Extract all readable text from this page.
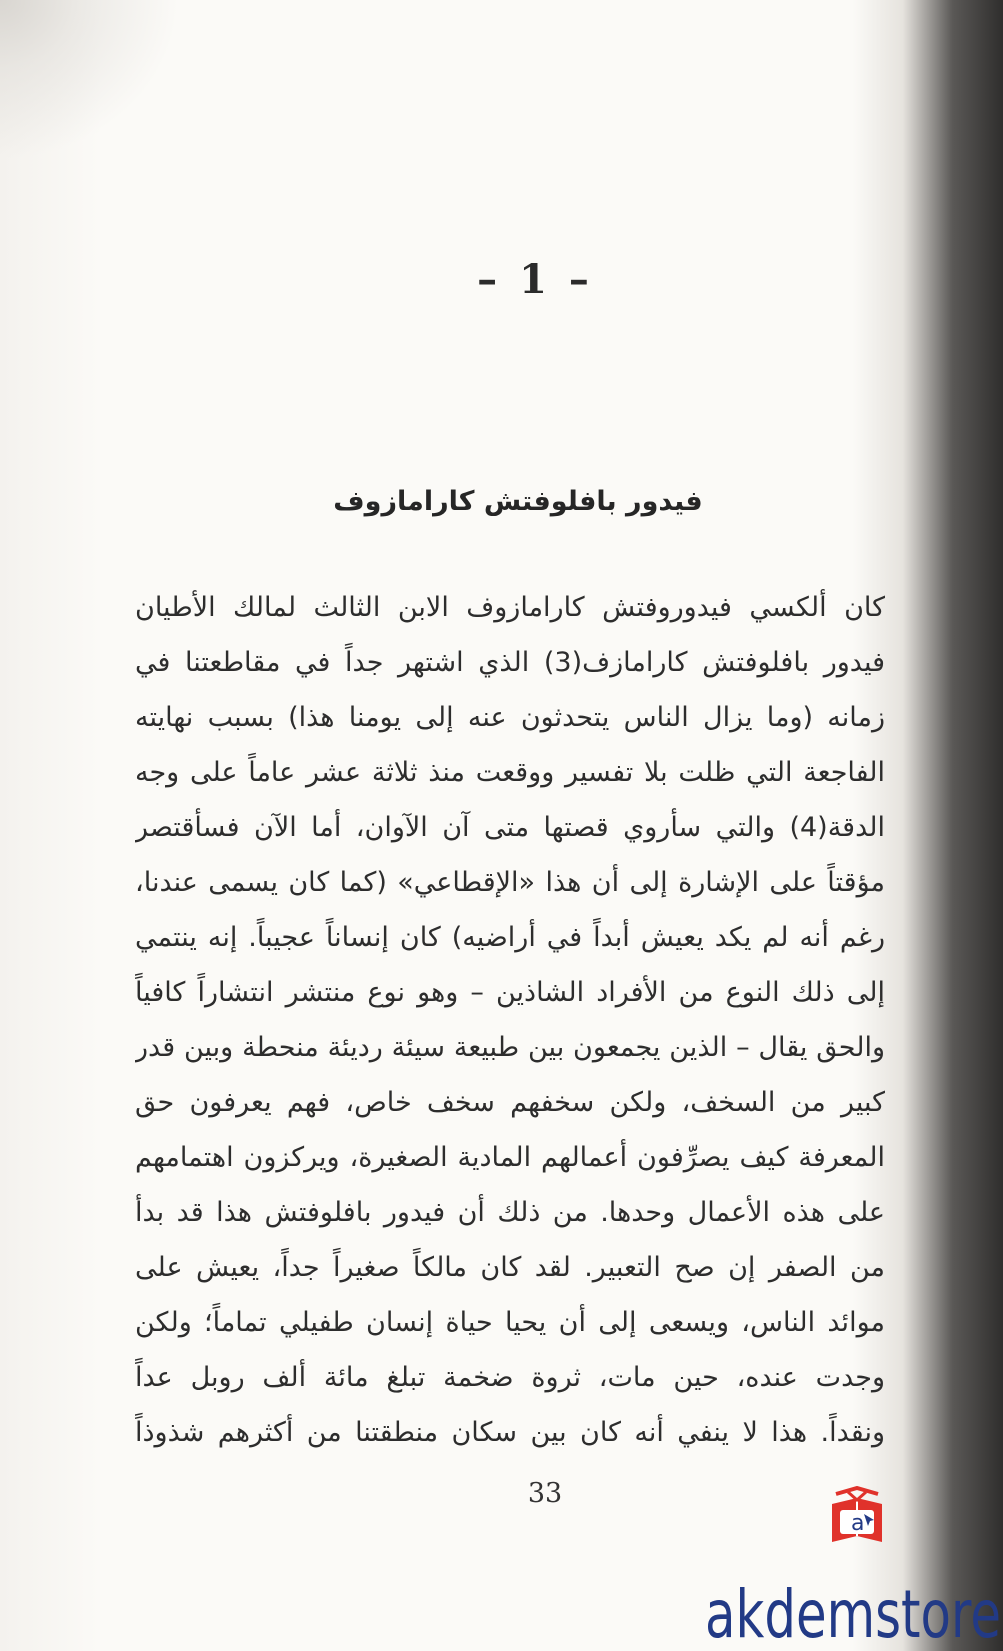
– 1 –
فيدور بافلوفتش كارامازوف
كان ألكسي فيدوروفتش كارامازوف الابن الثالث لمالك الأطيان
فيدور بافلوفتش كارامازف(3) الذي اشتهر جداً في مقاطعتنا في
زمانه (وما يزال الناس يتحدثون عنه إلى يومنا هذا) بسبب نهايته
الفاجعة التي ظلت بلا تفسير ووقعت منذ ثلاثة عشر عاماً على وجه
الدقة(4) والتي سأروي قصتها متى آن الآوان، أما الآن فسأقتصر
مؤقتاً على الإشارة إلى أن هذا «الإقطاعي» (كما كان يسمى عندنا،
رغم أنه لم يكد يعيش أبداً في أراضيه) كان إنساناً عجيباً. إنه ينتمي
إلى ذلك النوع من الأفراد الشاذين – وهو نوع منتشر انتشاراً كافياً
والحق يقال – الذين يجمعون بين طبيعة سيئة رديئة منحطة وبين قدر
كبير من السخف، ولكن سخفهم سخف خاص، فهم يعرفون حق
المعرفة كيف يصرِّفون أعمالهم المادية الصغيرة، ويركزون اهتمامهم
على هذه الأعمال وحدها. من ذلك أن فيدور بافلوفتش هذا قد بدأ
من الصفر إن صح التعبير. لقد كان مالكاً صغيراً جداً، يعيش على
موائد الناس، ويسعى إلى أن يحيا حياة إنسان طفيلي تماماً؛ ولكن
وجدت عنده، حين مات، ثروة ضخمة تبلغ مائة ألف روبل عداً
ونقداً. هذا لا ينفي أنه كان بين سكان منطقتنا من أكثرهم شذوذاً
33
a
akdemstore
